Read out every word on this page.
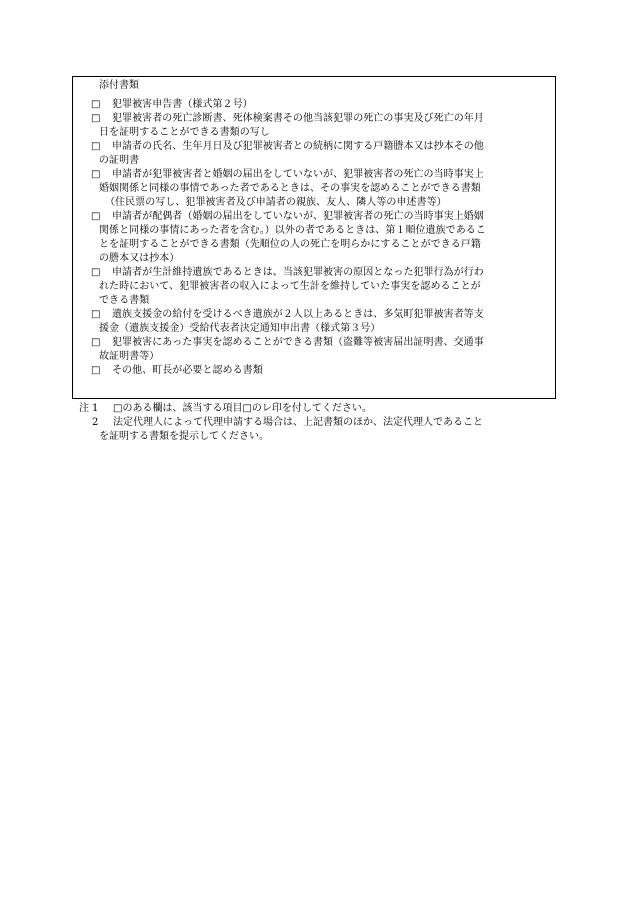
添付書類
□ 犯罪被害申告書（様式第２号）
□ 犯罪被害者の死亡診断書、死体検案書その他当該犯罪の死亡の事実及び死亡の年月
日を証明することができる書類の写し
□ 申請者の氏名、生年月日及び犯罪被害者との続柄に関する戸籍謄本又は抄本その他
の証明書
□ 申請者が犯罪被害者と婚姻の届出をしていないが、犯罪被害者の死亡の当時事実上
婚姻関係と同様の事情であった者であるときは、その事実を認めることができる書類
（住民票の写し、犯罪被害者及び申請者の親族、友人、隣人等の申述書等）
□ 申請者が配偶者（婚姻の届出をしていないが、犯罪被害者の死亡の当時事実上婚姻
関係と同様の事情にあった者を含む。）以外の者であるときは、第１順位遺族であるこ
とを証明することができる書類（先順位の人の死亡を明らかにすることができる戸籍
の謄本又は抄本）
□ 申請者が生計維持遺族であるときは、当該犯罪被害の原因となった犯罪行為が行わ
れた時において、犯罪被害者の収入によって生計を維持していた事実を認めることが
できる書類
□ 遺族支援金の給付を受けるべき遺族が２人以上あるときは、多気町犯罪被害者等支
援金（遺族支援金）受給代表者決定通知申出書（様式第３号）
□ 犯罪被害にあった事実を認めることができる書類（盗難等被害届出証明書、交通事
故証明書等）
□ その他、町長が必要と認める書類
注 1 □のある欄は、該当する項目□のレ印を付してください。
2 法定代理人によって代理申請する場合は、上記書類のほか、法定代理人であること
を証明する書類を提示してください。
